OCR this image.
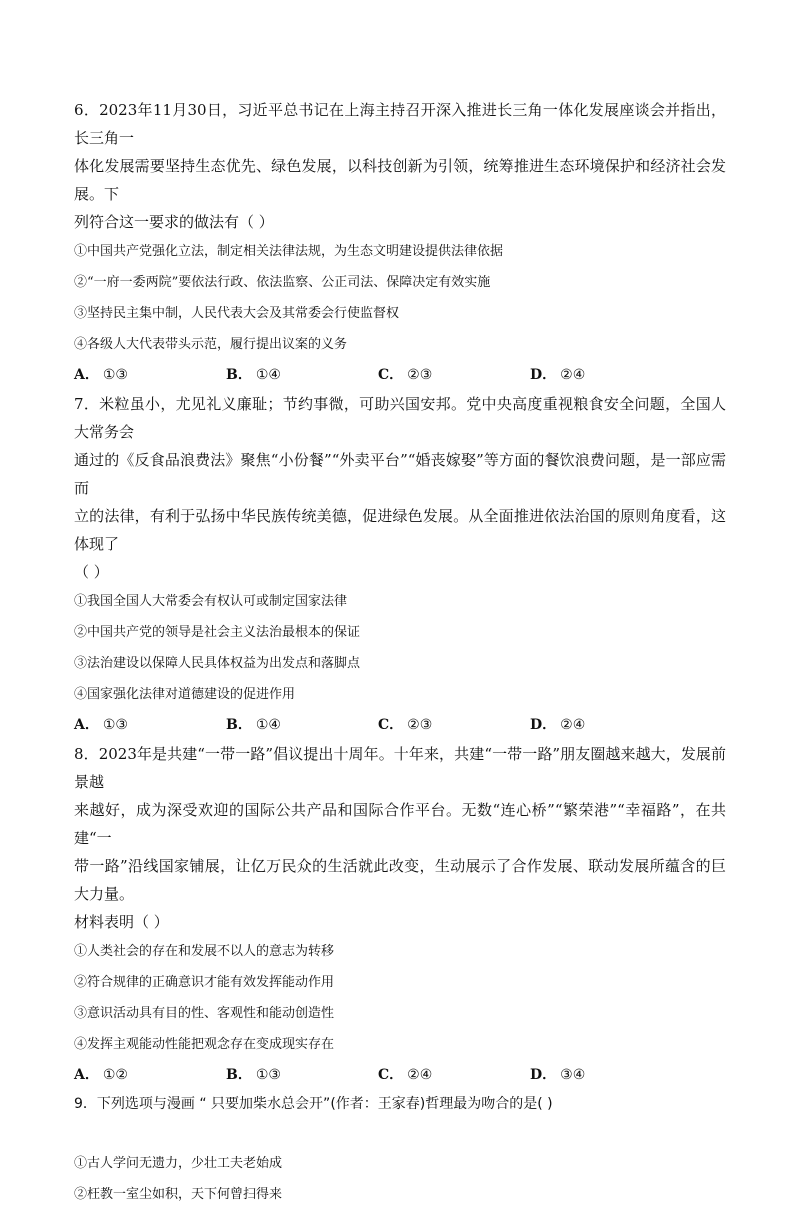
6．2023年11月30日，习近平总书记在上海主持召开深入推进长三角一体化发展座谈会并指出，长三角一
体化发展需要坚持生态优先、绿色发展，以科技创新为引领，统筹推进生态环境保护和经济社会发展。下
列符合这一要求的做法有（ ）

①中国共产党强化立法，制定相关法律法规，为生态文明建设提供法律依据

②“一府一委两院”要依法行政、依法监察、公正司法、保障决定有效实施

③坚持民主集中制，人民代表大会及其常委会行使监督权

④各级人大代表带头示范，履行提出议案的义务

A． ①③	B． ①④	C． ②③	D． ②④

7．米粒虽小，尤见礼义廉耻；节约事微，可助兴国安邦。党中央高度重视粮食安全问题，全国人大常务会
通过的《反食品浪费法》聚焦“小份餐”“外卖平台”“婚丧嫁娶”等方面的餐饮浪费问题，是一部应需而
立的法律，有利于弘扬中华民族传统美德，促进绿色发展。从全面推进依法治国的原则角度看，这体现了
（ ）

①我国全国人大常委会有权认可或制定国家法律

②中国共产党的领导是社会主义法治最根本的保证

③法治建设以保障人民具体权益为出发点和落脚点

④国家强化法律对道德建设的促进作用

A． ①③	B． ①④	C． ②③	D． ②④

8．2023年是共建“一带一路”倡议提出十周年。十年来，共建“一带一路”朋友圈越来越大，发展前景越
来越好，成为深受欢迎的国际公共产品和国际合作平台。无数“连心桥”“繁荣港”“幸福路”，在共建“一
带一路”沿线国家铺展，让亿万民众的生活就此改变，生动展示了合作发展、联动发展所蕴含的巨大力量。
材料表明（ ）

①人类社会的存在和发展不以人的意志为转移

②符合规律的正确意识才能有效发挥能动作用

③意识活动具有目的性、客观性和能动创造性

④发挥主观能动性能把观念存在变成现实存在

A． ①②	B． ①③	C． ②④	D． ③④

9．下列选项与漫画 “ 只要加柴水总会开”(作者：王家春)哲理最为吻合的是( )

①古人学问无遗力，少壮工夫老始成

②枉教一室尘如积，天下何曾扫得来
